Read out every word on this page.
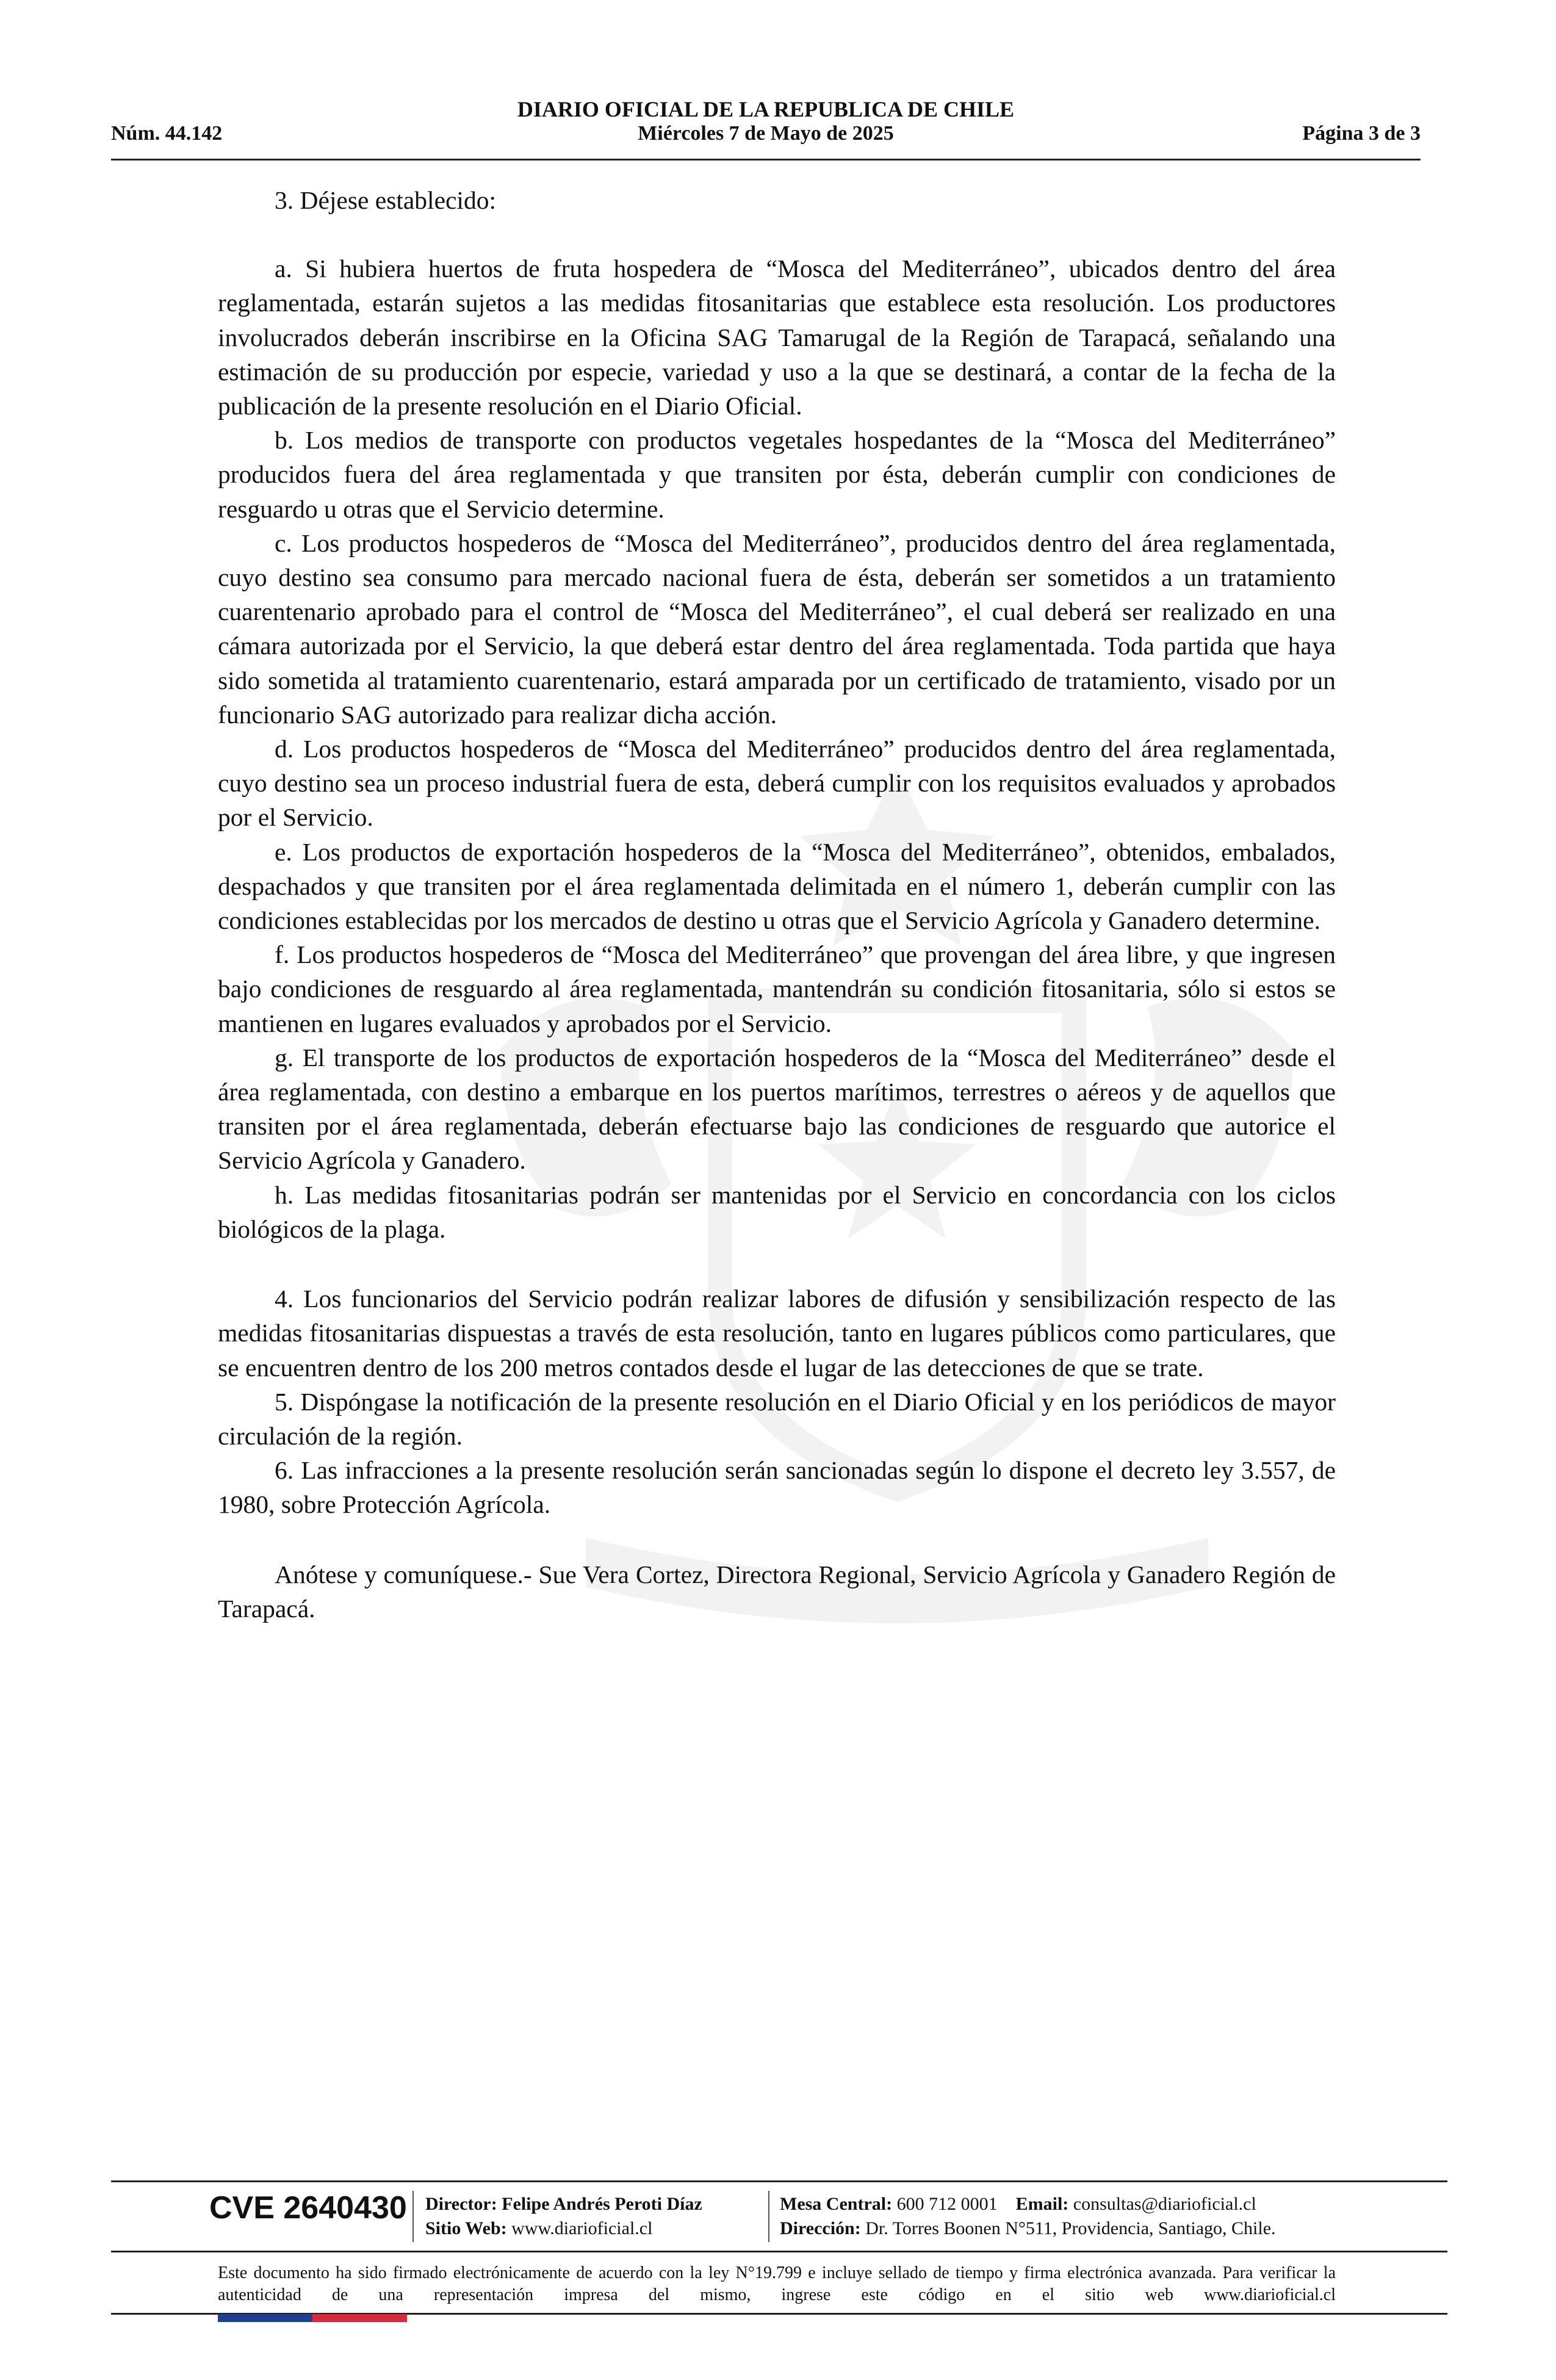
DIARIO OFICIAL DE LA REPUBLICA DE CHILE
Núm. 44.142	Miércoles 7 de Mayo de 2025	Página 3 de 3

3. Déjese establecido:

a. Si hubiera huertos de fruta hospedera de “Mosca del Mediterráneo”, ubicados dentro del área reglamentada, estarán sujetos a las medidas fitosanitarias que establece esta resolución. Los productores involucrados deberán inscribirse en la Oficina SAG Tamarugal de la Región de Tarapacá, señalando una estimación de su producción por especie, variedad y uso a la que se destinará, a contar de la fecha de la publicación de la presente resolución en el Diario Oficial.

b. Los medios de transporte con productos vegetales hospedantes de la “Mosca del Mediterráneo” producidos fuera del área reglamentada y que transiten por ésta, deberán cumplir con condiciones de resguardo u otras que el Servicio determine.

c. Los productos hospederos de “Mosca del Mediterráneo”, producidos dentro del área reglamentada, cuyo destino sea consumo para mercado nacional fuera de ésta, deberán ser sometidos a un tratamiento cuarentenario aprobado para el control de “Mosca del Mediterráneo”, el cual deberá ser realizado en una cámara autorizada por el Servicio, la que deberá estar dentro del área reglamentada. Toda partida que haya sido sometida al tratamiento cuarentenario, estará amparada por un certificado de tratamiento, visado por un funcionario SAG autorizado para realizar dicha acción.

d. Los productos hospederos de “Mosca del Mediterráneo” producidos dentro del área reglamentada, cuyo destino sea un proceso industrial fuera de esta, deberá cumplir con los requisitos evaluados y aprobados por el Servicio.

e. Los productos de exportación hospederos de la “Mosca del Mediterráneo”, obtenidos, embalados, despachados y que transiten por el área reglamentada delimitada en el número 1, deberán cumplir con las condiciones establecidas por los mercados de destino u otras que el Servicio Agrícola y Ganadero determine.

f. Los productos hospederos de “Mosca del Mediterráneo” que provengan del área libre, y que ingresen bajo condiciones de resguardo al área reglamentada, mantendrán su condición fitosanitaria, sólo si estos se mantienen en lugares evaluados y aprobados por el Servicio.

g. El transporte de los productos de exportación hospederos de la “Mosca del Mediterráneo” desde el área reglamentada, con destino a embarque en los puertos marítimos, terrestres o aéreos y de aquellos que transiten por el área reglamentada, deberán efectuarse bajo las condiciones de resguardo que autorice el Servicio Agrícola y Ganadero.

h. Las medidas fitosanitarias podrán ser mantenidas por el Servicio en concordancia con los ciclos biológicos de la plaga.

4. Los funcionarios del Servicio podrán realizar labores de difusión y sensibilización respecto de las medidas fitosanitarias dispuestas a través de esta resolución, tanto en lugares públicos como particulares, que se encuentren dentro de los 200 metros contados desde el lugar de las detecciones de que se trate.

5. Dispóngase la notificación de la presente resolución en el Diario Oficial y en los periódicos de mayor circulación de la región.

6. Las infracciones a la presente resolución serán sancionadas según lo dispone el decreto ley 3.557, de 1980, sobre Protección Agrícola.

Anótese y comuníquese.- Sue Vera Cortez, Directora Regional, Servicio Agrícola y Ganadero Región de Tarapacá.

CVE 2640430 Director: Felipe Andrés Peroti Díaz
Sitio Web: www.diarioficial.cl
Mesa Central: 600 712 0001 Email: consultas@diarioficial.cl
Dirección: Dr. Torres Boonen N°511, Providencia, Santiago, Chile.
Este documento ha sido firmado electrónicamente de acuerdo con la ley N°19.799 e incluye sellado de tiempo y firma electrónica avanzada. Para verificar la autenticidad de una representación impresa del mismo, ingrese este código en el sitio web www.diarioficial.cl
